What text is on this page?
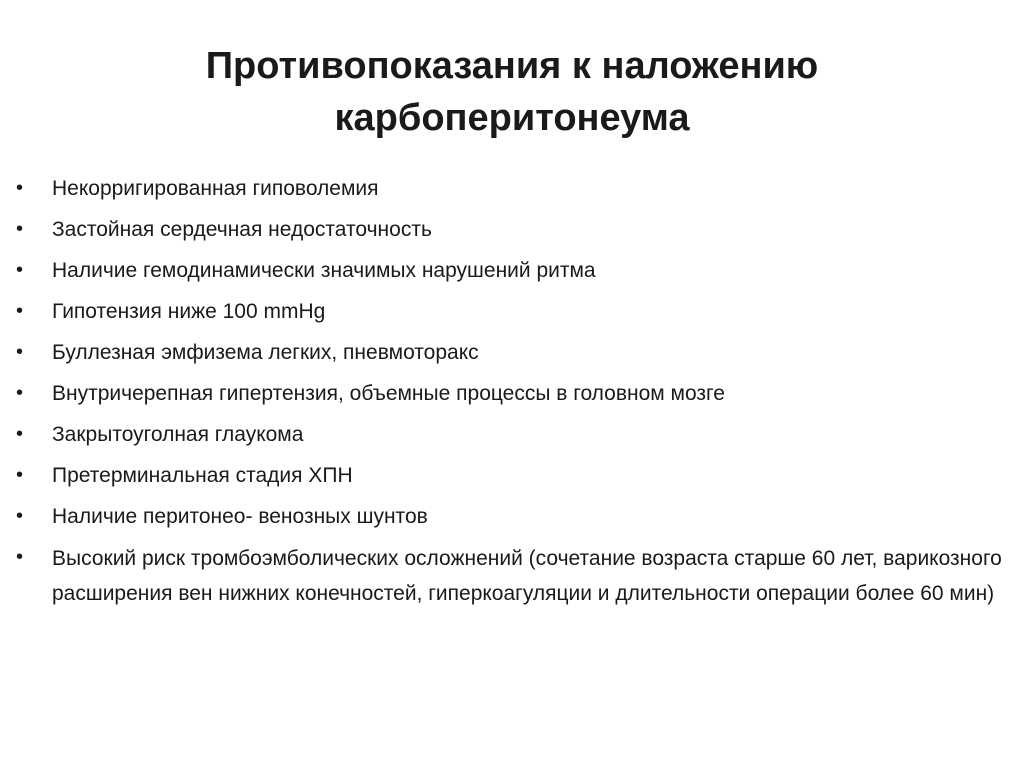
Противопоказания к наложению
карбоперитонеума
•	Некорригированная гиповолемия
•	Застойная сердечная недостаточность
•	Наличие гемодинамически значимых нарушений ритма
•	Гипотензия ниже 100 mmHg
•	Буллезная эмфизема легких, пневмоторакс
•	Внутричерепная гипертензия, объемные процессы в головном мозге
•	Закрытоуголная глаукома
•	Претерминальная стадия ХПН
•	Наличие перитонео- венозных шунтов
•	Высокий риск тромбоэмболических осложнений (сочетание возраста старше 60 лет, варикозного расширения вен нижних конечностей, гиперкоагуляции и длительности операции более 60 мин)
